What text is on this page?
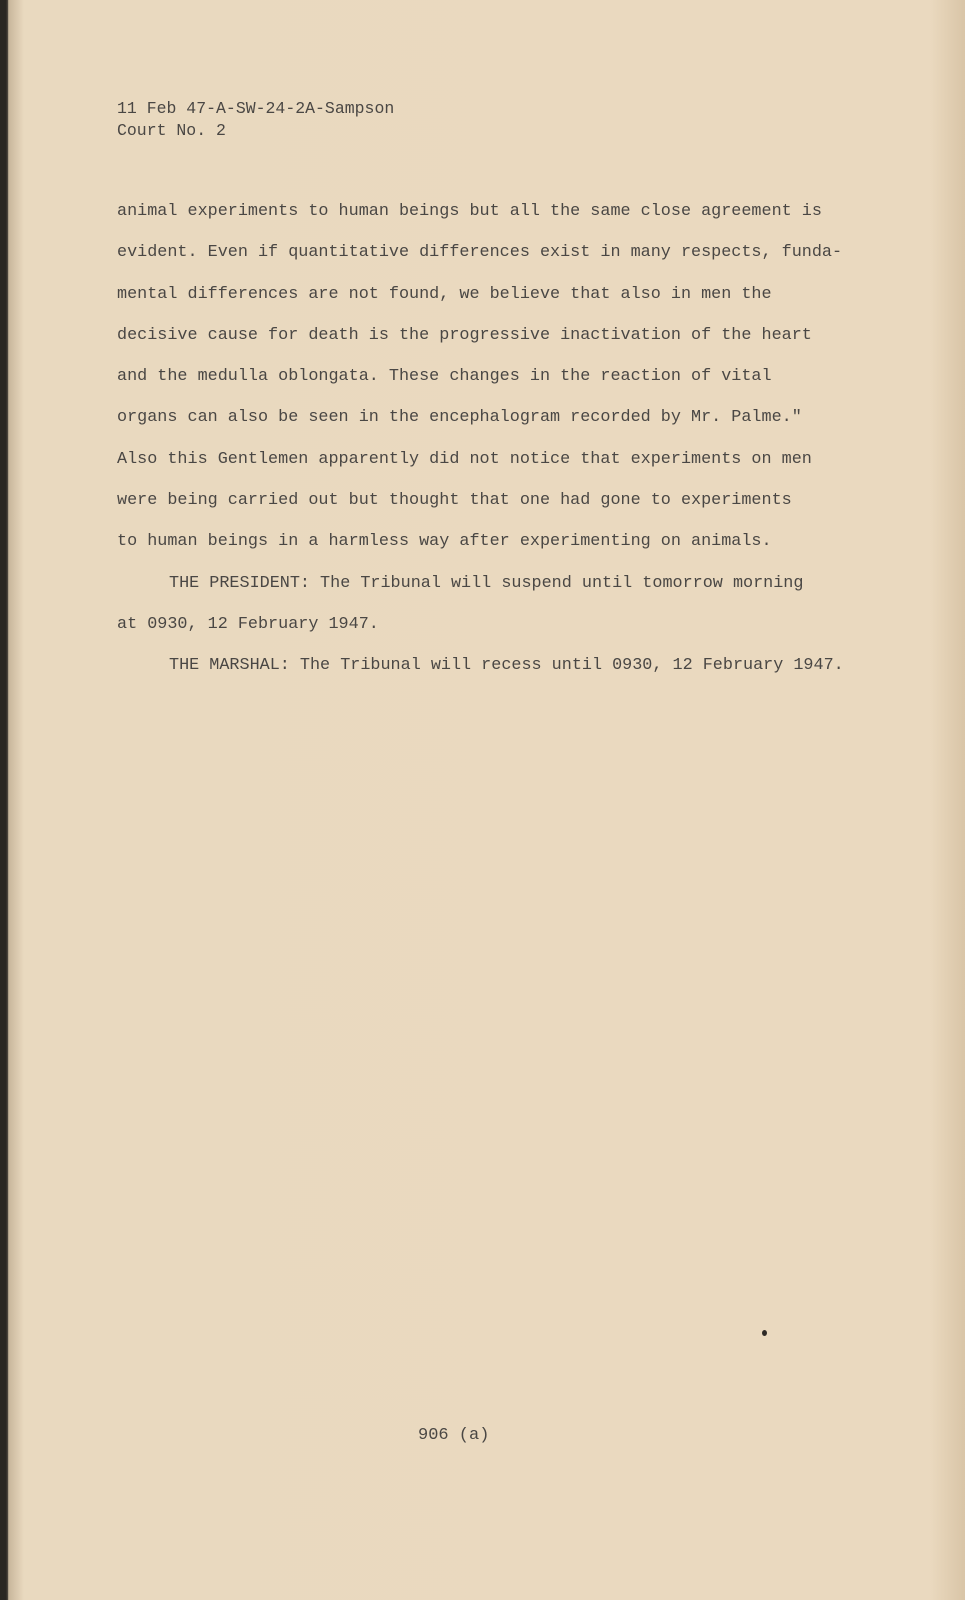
11 Feb 47-A-SW-24-2A-Sampson
Court No. 2
animal experiments to human beings but all the same close agreement is
evident. Even if quantitative differences exist in many respects, funda-
mental differences are not found, we believe that also in men the
decisive cause for death is the progressive inactivation of the heart
and the medulla oblongata. These changes in the reaction of vital
organs can also be seen in the encephalogram recorded by Mr. Palme."
Also this Gentlemen apparently did not notice that experiments on men
were being carried out but thought that one had gone to experiments
to human beings in a harmless way after experimenting on animals.
THE PRESIDENT: The Tribunal will suspend until tomorrow morning
at 0930, 12 February 1947.
THE MARSHAL: The Tribunal will recess until 0930, 12 February 1947.
906 (a)
